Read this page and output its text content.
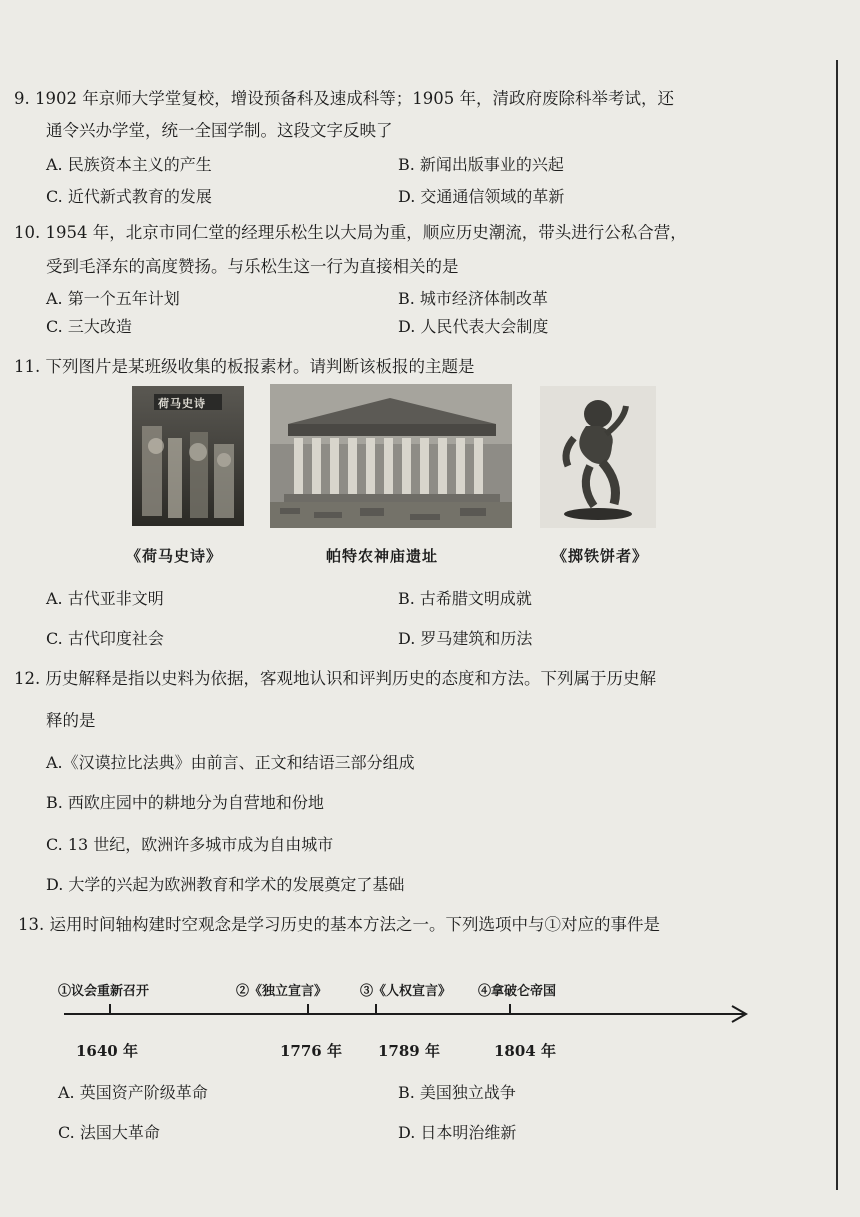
9. 1902 年京师大学堂复校，增设预备科及速成科等；1905 年，清政府废除科举考试，还
通令兴办学堂，统一全国学制。这段文字反映了
A. 民族资本主义的产生	B. 新闻出版事业的兴起
C. 近代新式教育的发展	D. 交通通信领域的革新
10. 1954 年，北京市同仁堂的经理乐松生以大局为重，顺应历史潮流，带头进行公私合营，
受到毛泽东的高度赞扬。与乐松生这一行为直接相关的是
A. 第一个五年计划	B. 城市经济体制改革
C. 三大改造	D. 人民代表大会制度
11. 下列图片是某班级收集的板报素材。请判断该板报的主题是
荷马史诗
《荷马史诗》	帕特农神庙遗址	《掷铁饼者》
A. 古代亚非文明	B. 古希腊文明成就
C. 古代印度社会	D. 罗马建筑和历法
12. 历史解释是指以史料为依据，客观地认识和评判历史的态度和方法。下列属于历史解
释的是
A.《汉谟拉比法典》由前言、正文和结语三部分组成
B. 西欧庄园中的耕地分为自营地和份地
C. 13 世纪，欧洲许多城市成为自由城市
D. 大学的兴起为欧洲教育和学术的发展奠定了基础
13. 运用时间轴构建时空观念是学习历史的基本方法之一。下列选项中与①对应的事件是
①议会重新召开	②《独立宣言》	③《人权宣言》 ④拿破仑帝国
1640 年	1776 年 1789 年	1804 年
A. 英国资产阶级革命	B. 美国独立战争
C. 法国大革命	D. 日本明治维新
